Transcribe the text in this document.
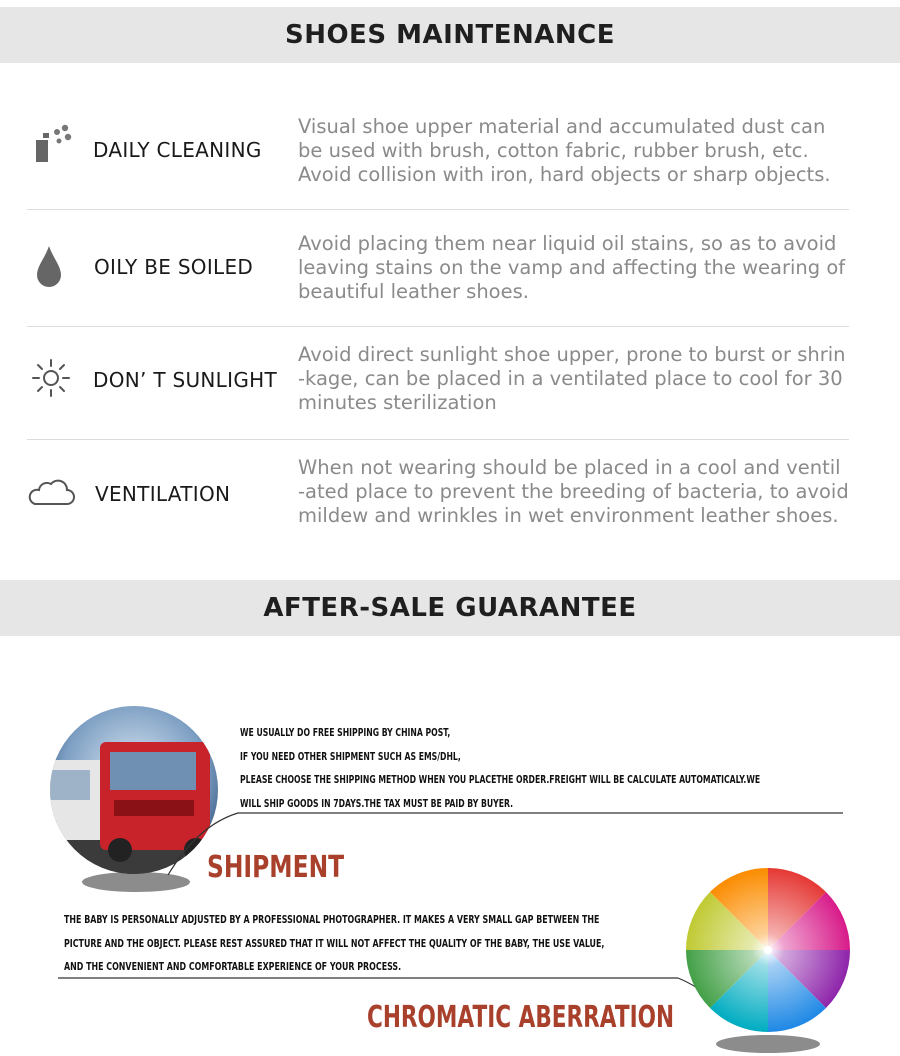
SHOES MAINTENANCE
DAILY CLEANING
Visual shoe upper material and accumulated dust can
be used with brush, cotton fabric, rubber brush, etc.
Avoid collision with iron, hard objects or sharp objects.
OILY BE SOILED
Avoid placing them near liquid oil stains, so as to avoid
leaving stains on the vamp and affecting the wearing of
beautiful leather shoes.
DON’ T SUNLIGHT
Avoid direct sunlight shoe upper, prone to burst or shrin
-kage, can be placed in a ventilated place to cool for 30
minutes sterilization
VENTILATION
When not wearing should be placed in a cool and ventil
-ated place to prevent the breeding of bacteria, to avoid
mildew and wrinkles in wet environment leather shoes.
AFTER-SALE GUARANTEE
WE USUALLY DO FREE SHIPPING BY CHINA POST,
IF YOU NEED OTHER SHIPMENT SUCH AS EMS/DHL,
PLEASE CHOOSE THE SHIPPING METHOD WHEN YOU PLACETHE ORDER.FREIGHT WILL BE CALCULATE AUTOMATICALY.WE
WILL SHIP GOODS IN 7DAYS.THE TAX MUST BE PAID BY BUYER.
SHIPMENT
THE BABY IS PERSONALLY ADJUSTED BY A PROFESSIONAL PHOTOGRAPHER. IT MAKES A VERY SMALL GAP BETWEEN THE
PICTURE AND THE OBJECT. PLEASE REST ASSURED THAT IT WILL NOT AFFECT THE QUALITY OF THE BABY, THE USE VALUE,
AND THE CONVENIENT AND COMFORTABLE EXPERIENCE OF YOUR PROCESS.
CHROMATIC ABERRATION
